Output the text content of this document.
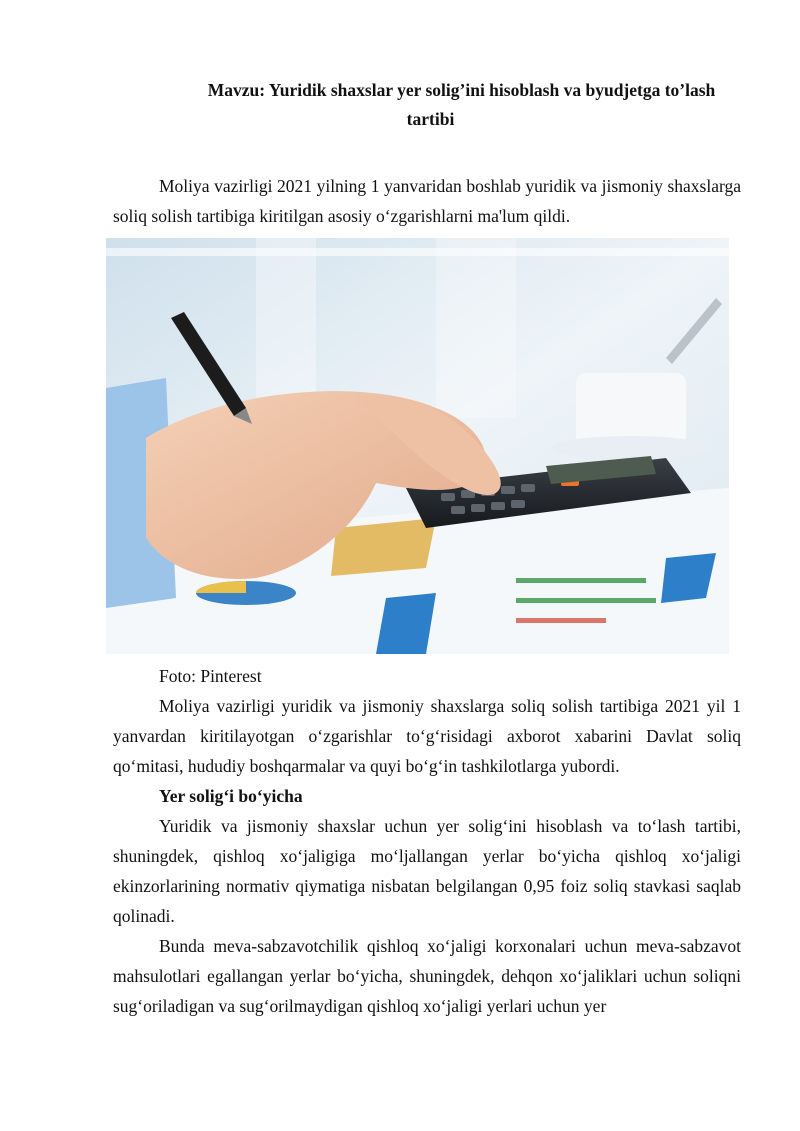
Mavzu: Yuridik shaxslar yer solig’ini hisoblash va byudjetga to’lash
tartibi

Moliya vazirligi 2021 yilning 1 yanvaridan boshlab yuridik va jismoniy shaxslarga soliq solish tartibiga kiritilgan asosiy o‘zgarishlarni ma'lum qildi.

Foto: Pinterest

Moliya vazirligi yuridik va jismoniy shaxslarga soliq solish tartibiga 2021 yil 1 yanvardan kiritilayotgan o‘zgarishlar to‘g‘risidagi axborot xabarini Davlat soliq qo‘mitasi, hududiy boshqarmalar va quyi bo‘g‘in tashkilotlarga yubordi.

Yer solig‘i bo‘yicha

Yuridik va jismoniy shaxslar uchun yer solig‘ini hisoblash va to‘lash tartibi, shuningdek, qishloq xo‘jaligiga mo‘ljallangan yerlar bo‘yicha qishloq xo‘jaligi ekinzorlarining normativ qiymatiga nisbatan belgilangan 0,95 foiz soliq stavkasi saqlab qolinadi.

Bunda meva-sabzavotchilik qishloq xo‘jaligi korxonalari uchun meva-sabzavot mahsulotlari egallangan yerlar bo‘yicha, shuningdek, dehqon xo‘jaliklari uchun soliqni sug‘oriladigan va sug‘orilmaydigan qishloq xo‘jaligi yerlari uchun yer
